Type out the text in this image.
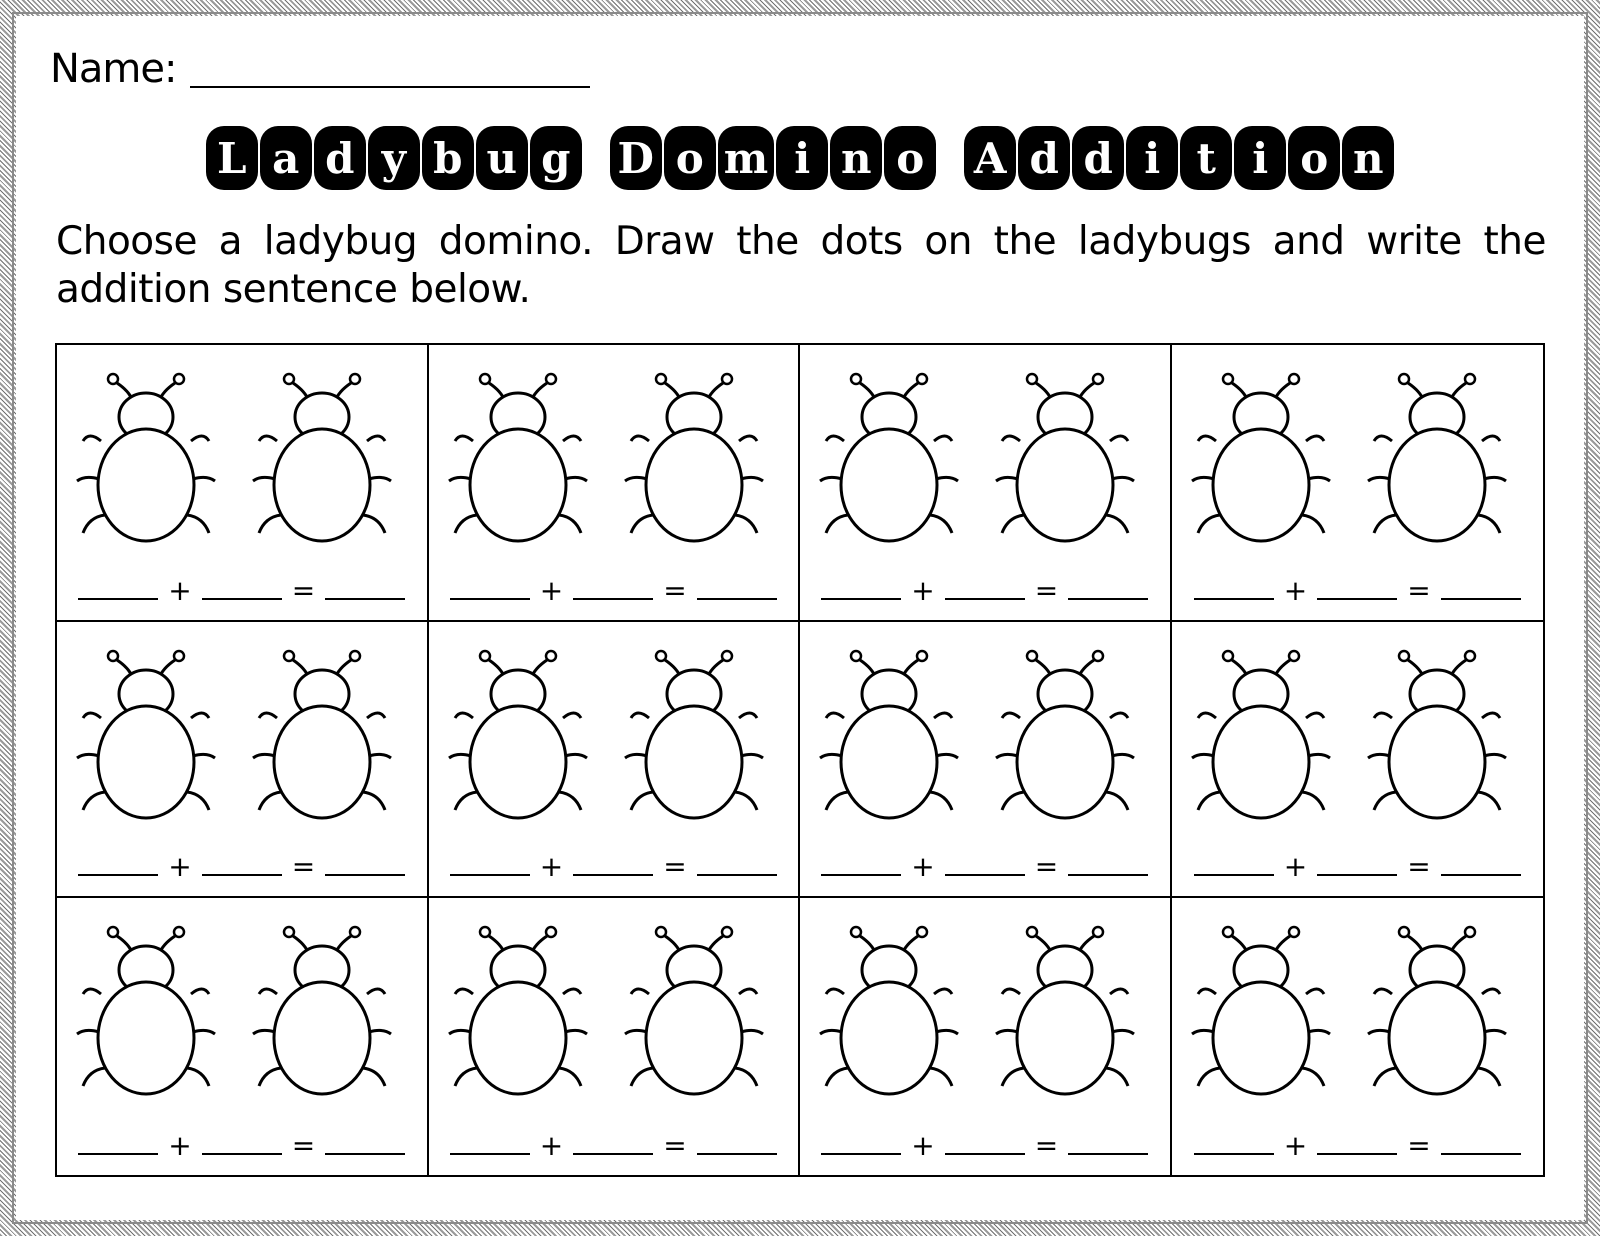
Name:
L a d y b u g D o m i n o A d d i t i o n
Choose a ladybug domino. Draw the dots on the ladybugs and write the addition sentence below.
+	=	+	=	+	=	+	=
+	=	+	=	+	=	+	=
+	=	+	=	+	=	+	=
